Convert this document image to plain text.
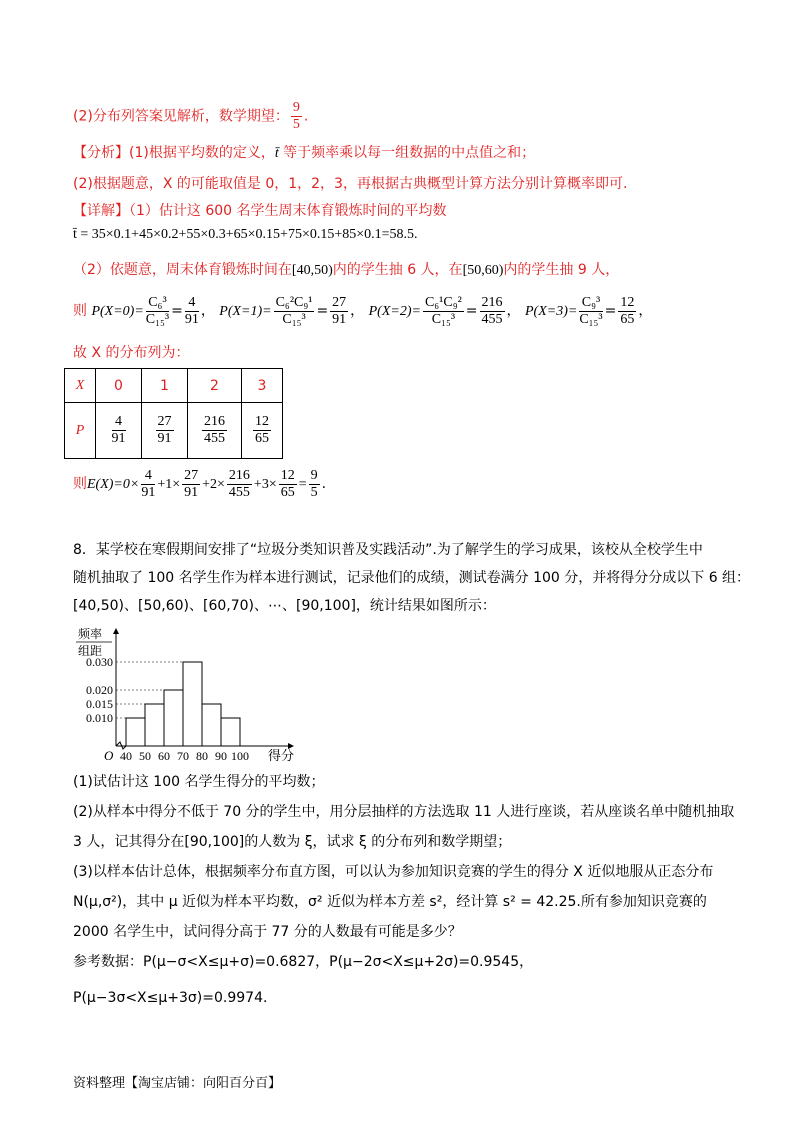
(2)分布列答案见解析，数学期望： $\frac{9}{5}$ .
【分析】(1)根据平均数的定义，t̄ 等于频率乘以每一组数据的中点值之和；
(2)根据题意，X 的可能取值是 0，1，2，3，再根据古典概型计算方法分别计算概率即可.
【详解】（1）估计这 600 名学生周末体育锻炼时间的平均数
t̄ = 35×0.1+45×0.2+55×0.3+65×0.15+75×0.15+85×0.1=58.5.
（2）依题意，周末体育锻炼时间在[40,50)内的学生抽 6 人，在[50,60)内的学生抽 9 人，
则 $P(X=0)= \frac{\text{C₆³}}{\text{C₁₅³}} = \frac{4}{91}$ ， $P(X=1)= \frac{\text{C₆²C₉¹}}{\text{C₁₅³}} = \frac{27}{91}$ ， $P(X=2)= \frac{\text{C₆¹C₉²}}{\text{C₁₅³}} = \frac{216}{455}$ ， $P(X=3)= \frac{\text{C₉³}}{\text{C₁₅³}} = \frac{12}{65}$ ，
故 X 的分布列为：
X	0	1	2	3
P	$\frac{4}{91}$	$\frac{27}{91}$	$\frac{216}{455}$	$\frac{12}{65}$
则$E(X)=0\times \frac{4}{91} +1\times \frac{27}{91} +2\times \frac{216}{455} +3\times \frac{12}{65} = \frac{9}{5}$ .
8．某学校在寒假期间安排了“垃圾分类知识普及实践活动”.为了解学生的学习成果，该校从全校学生中
随机抽取了 100 名学生作为样本进行测试，记录他们的成绩，测试卷满分 100 分，并将得分分成以下 6 组：
[40,50)、[50,60)、[60,70)、⋯、[90,100]，统计结果如图所示：
0.010
0.015
0.020
0.030
40 50 60 70 80 90 100
O
频率
组距
得分
(1)试估计这 100 名学生得分的平均数；
(2)从样本中得分不低于 70 分的学生中，用分层抽样的方法选取 11 人进行座谈，若从座谈名单中随机抽取
3 人，记其得分在[90,100]的人数为 ξ，试求 ξ 的分布列和数学期望；
(3)以样本估计总体，根据频率分布直方图，可以认为参加知识竞赛的学生的得分 X 近似地服从正态分布
N(μ,σ²)，其中 μ 近似为样本平均数，σ² 近似为样本方差 s²，经计算 s² = 42.25.所有参加知识竞赛的
2000 名学生中，试问得分高于 77 分的人数最有可能是多少？
参考数据：P(μ−σ<X≤μ+σ)=0.6827，P(μ−2σ<X≤μ+2σ)=0.9545，
P(μ−3σ<X≤μ+3σ)=0.9974.
资料整理【淘宝店铺：向阳百分百】
